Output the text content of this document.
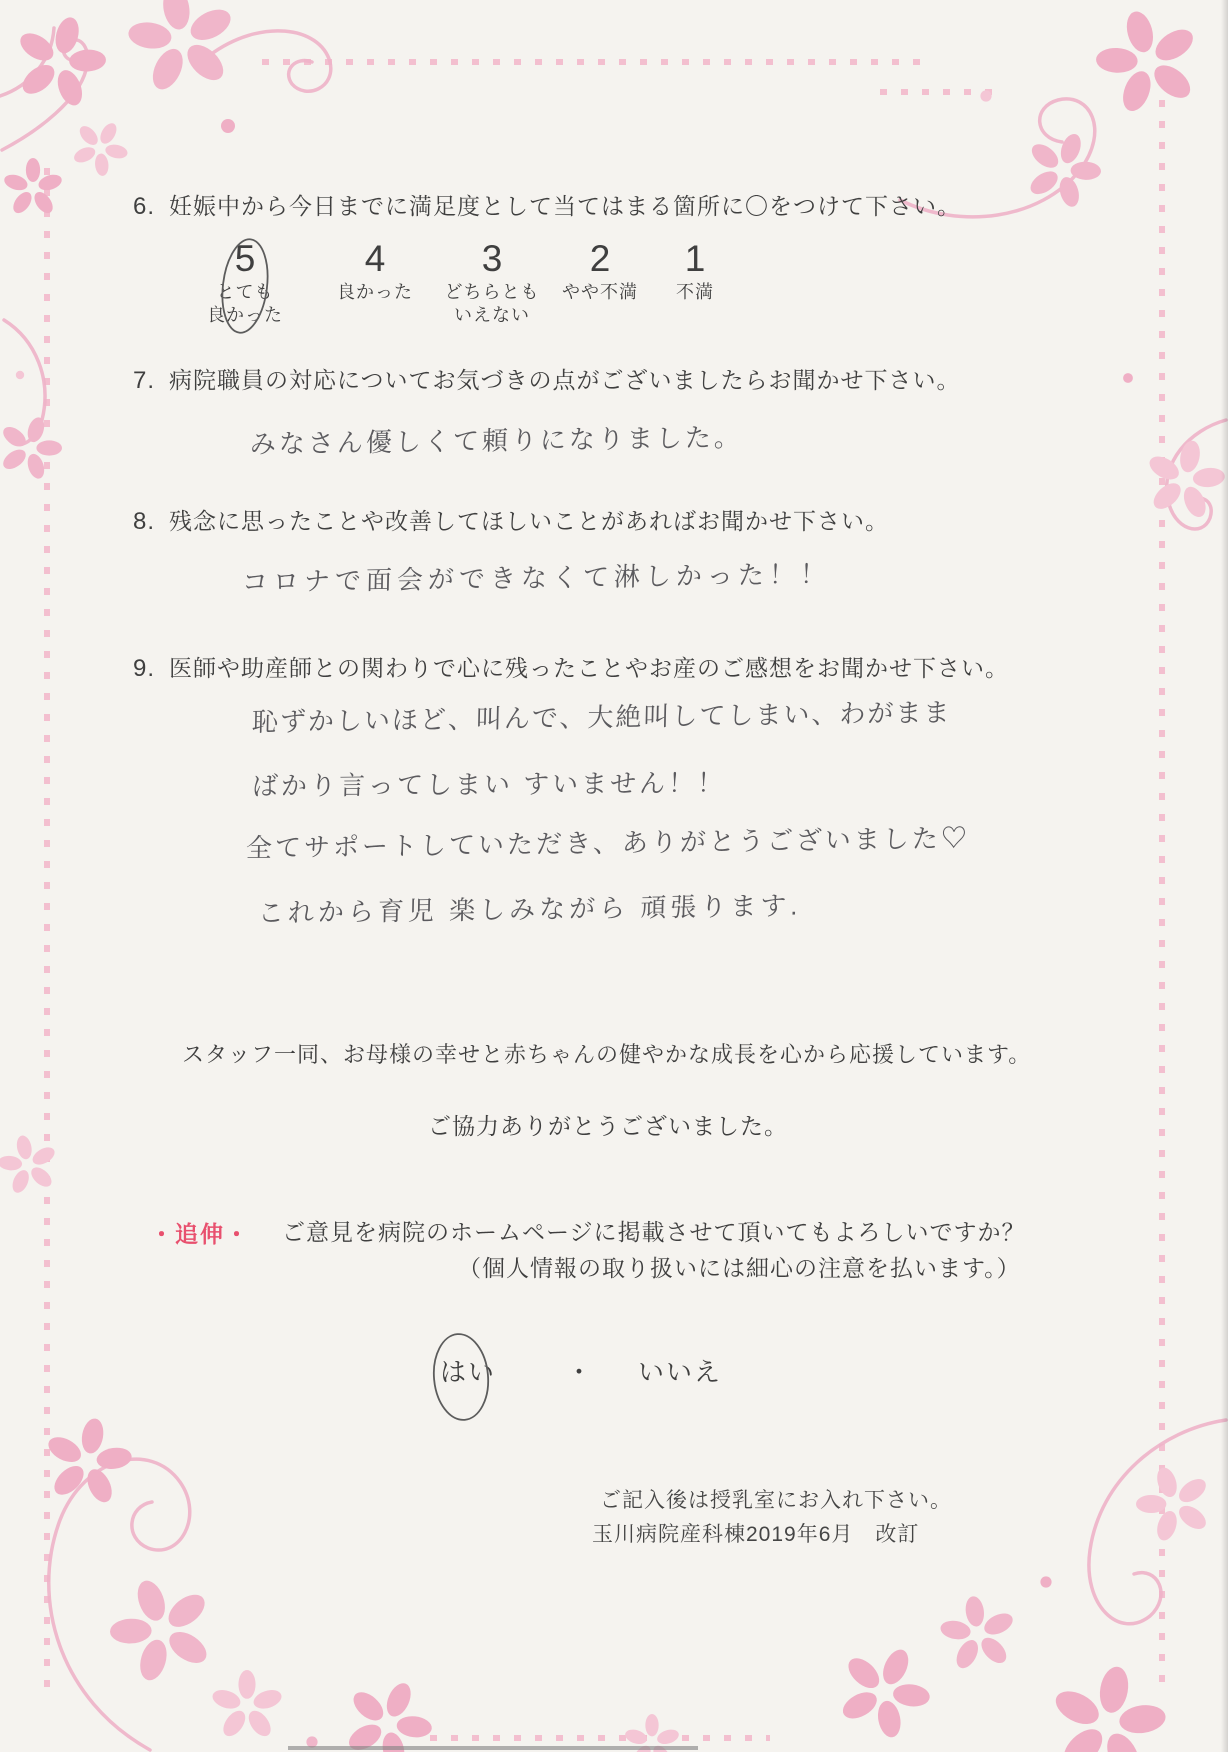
6. 妊娠中から今日までに満足度として当てはまる箇所に〇をつけて下さい。
5
とても
良かった
4
良かった
3
どちらとも
いえない
2
やや不満
1
不満
7. 病院職員の対応についてお気づきの点がございましたらお聞かせ下さい。
みなさん優しくて頼りになりました。
8. 残念に思ったことや改善してほしいことがあればお聞かせ下さい。
コロナで面会ができなくて淋しかった！！
9. 医師や助産師との関わりで心に残ったことやお産のご感想をお聞かせ下さい。
恥ずかしいほど、叫んで、大絶叫してしまい、わがまま
ばかり言ってしまい すいません！！
全てサポートしていただき、ありがとうございました♡
これから育児 楽しみながら 頑張ります.
スタッフ一同、お母様の幸せと赤ちゃんの健やかな成長を心から応援しています。
ご協力ありがとうございました。
・追伸・ ご意見を病院のホームページに掲載させて頂いてもよろしいですか？
（個人情報の取り扱いには細心の注意を払います。）
はい	・ いいえ
ご記入後は授乳室にお入れ下さい。
玉川病院産科棟2019年6月　改訂
